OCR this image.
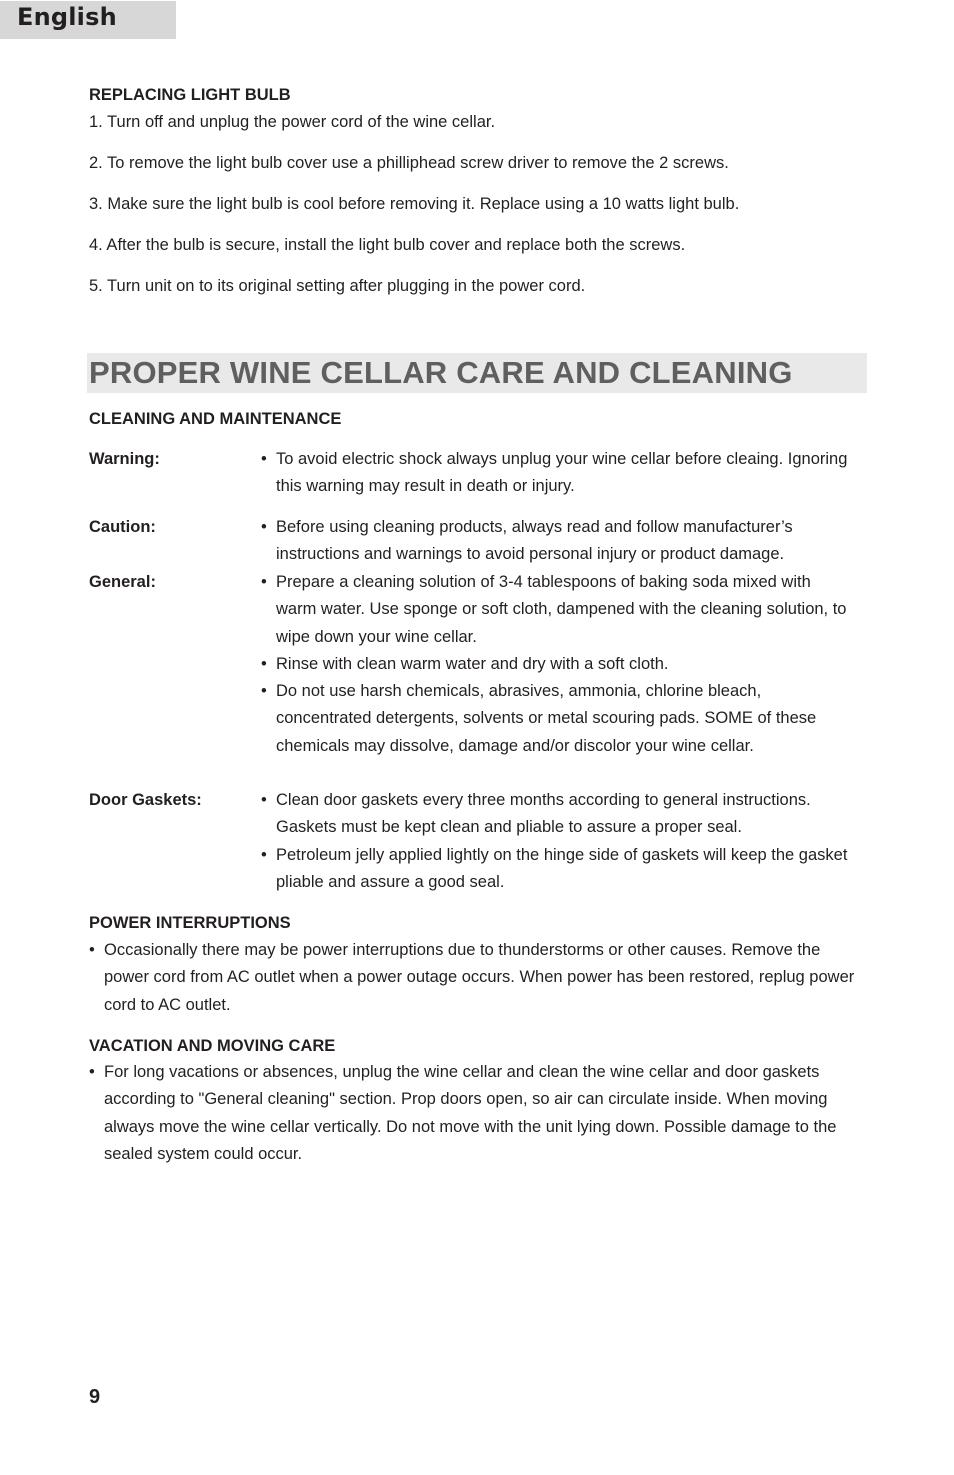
English

REPLACING LIGHT BULB

1. Turn off and unplug the power cord of the wine cellar.

2. To remove the light bulb cover use a philliphead screw driver to remove the 2 screws.

3. Make sure the light bulb is cool before removing it. Replace using a 10 watts light bulb.

4. After the bulb is secure, install the light bulb cover and replace both the screws.

5. Turn unit on to its original setting after plugging in the power cord.

PROPER WINE CELLAR CARE AND CLEANING
CLEANING AND MAINTENANCE
Warning:	• To avoid electric shock always unplug your wine cellar before cleaing. Ignoring this warning may result in death or injury.
Caution:	• Before using cleaning products, always read and follow manufacturer’s instructions and warnings to avoid personal injury or product damage.
General:	• Prepare a cleaning solution of 3-4 tablespoons of baking soda mixed with warm water. Use sponge or soft cloth, dampened with the cleaning solution, to wipe down your wine cellar.
• Rinse with clean warm water and dry with a soft cloth.
• Do not use harsh chemicals, abrasives, ammonia, chlorine bleach, concentrated detergents, solvents or metal scouring pads. SOME of these chemicals may dissolve, damage and/or discolor your wine cellar.
Door Gaskets:	• Clean door gaskets every three months according to general instructions. Gaskets must be kept clean and pliable to assure a proper seal.
• Petroleum jelly applied lightly on the hinge side of gaskets will keep the gasket pliable and assure a good seal.
POWER INTERRUPTIONS
• Occasionally there may be power interruptions due to thunderstorms or other causes. Remove the power cord from AC outlet when a power outage occurs. When power has been restored, replug power cord to AC outlet.
VACATION AND MOVING CARE
• For long vacations or absences, unplug the wine cellar and clean the wine cellar and door gaskets according to "General cleaning" section. Prop doors open, so air can circulate inside. When moving always move the wine cellar vertically. Do not move with the unit lying down. Possible damage to the sealed system could occur.
9
